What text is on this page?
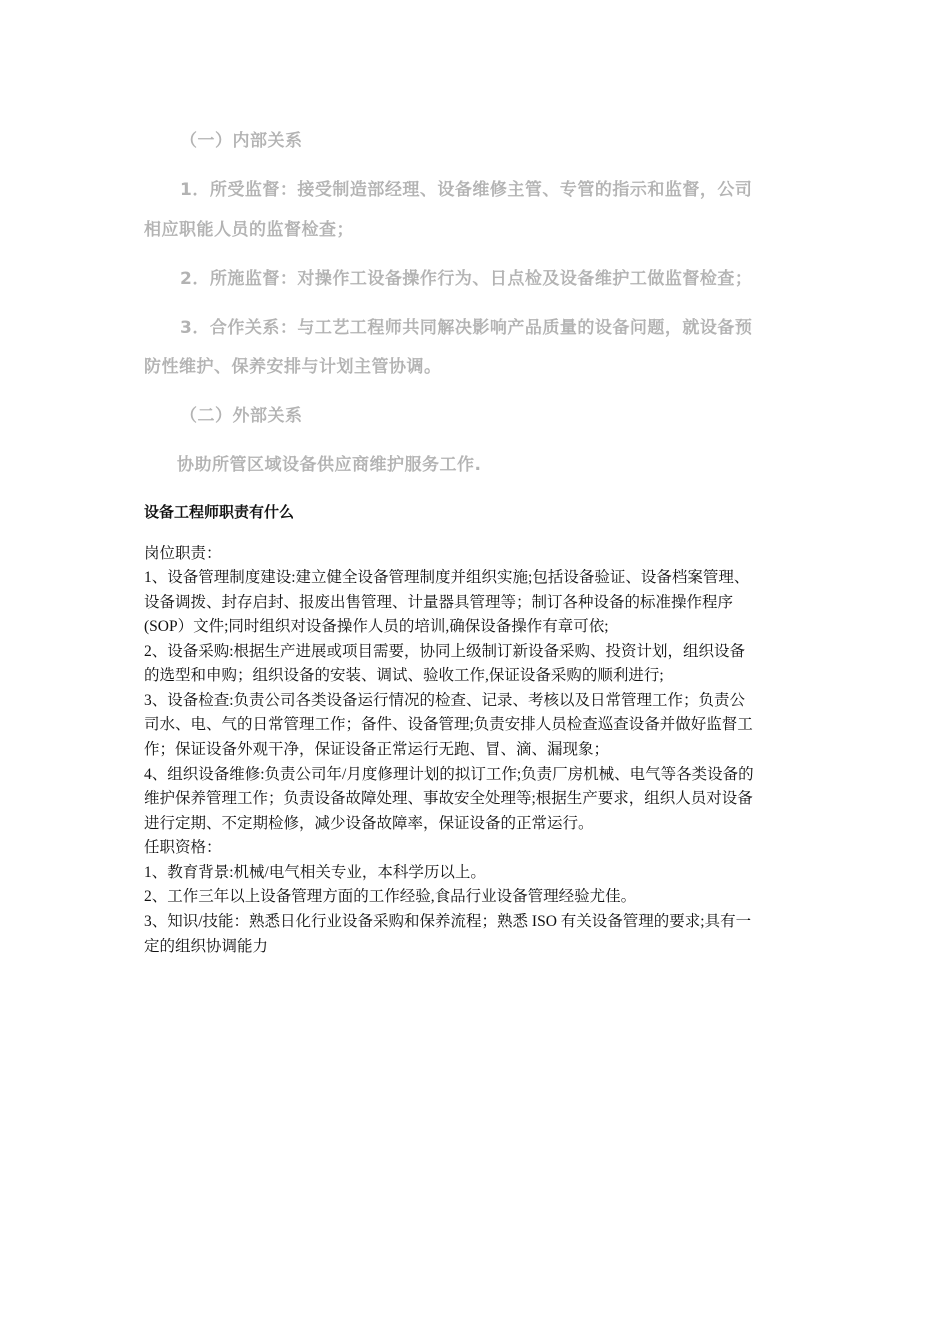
（一）内部关系
1．所受监督：接受制造部经理、设备维修主管、专管的指示和监督，公司
相应职能人员的监督检查；
2．所施监督：对操作工设备操作行为、日点检及设备维护工做监督检查；
3．合作关系：与工艺工程师共同解决影响产品质量的设备问题，就设备预
防性维护、保养安排与计划主管协调。
（二）外部关系
协助所管区域设备供应商维护服务工作.
设备工程师职责有什么
岗位职责：
1、设备管理制度建设:建立健全设备管理制度并组织实施;包括设备验证、设备档案管理、
设备调拨、封存启封、报废出售管理、计量器具管理等；制订各种设备的标准操作程序
(SOP）文件;同时组织对设备操作人员的培训,确保设备操作有章可依;
2、设备采购:根据生产进展或项目需要，协同上级制订新设备采购、投资计划，组织设备
的选型和申购；组织设备的安装、调试、验收工作,保证设备采购的顺利进行;
3、设备检查:负责公司各类设备运行情况的检查、记录、考核以及日常管理工作；负责公
司水、电、气的日常管理工作；备件、设备管理;负责安排人员检查巡查设备并做好监督工
作；保证设备外观干净，保证设备正常运行无跑、冒、滴、漏现象；
4、组织设备维修:负责公司年/月度修理计划的拟订工作;负责厂房机械、电气等各类设备的
维护保养管理工作；负责设备故障处理、事故安全处理等;根据生产要求，组织人员对设备
进行定期、不定期检修，减少设备故障率，保证设备的正常运行。
任职资格：
1、教育背景:机械/电气相关专业，本科学历以上。
2、工作三年以上设备管理方面的工作经验,食品行业设备管理经验尤佳。
3、知识/技能：熟悉日化行业设备采购和保养流程；熟悉 ISO 有关设备管理的要求;具有一
定的组织协调能力
